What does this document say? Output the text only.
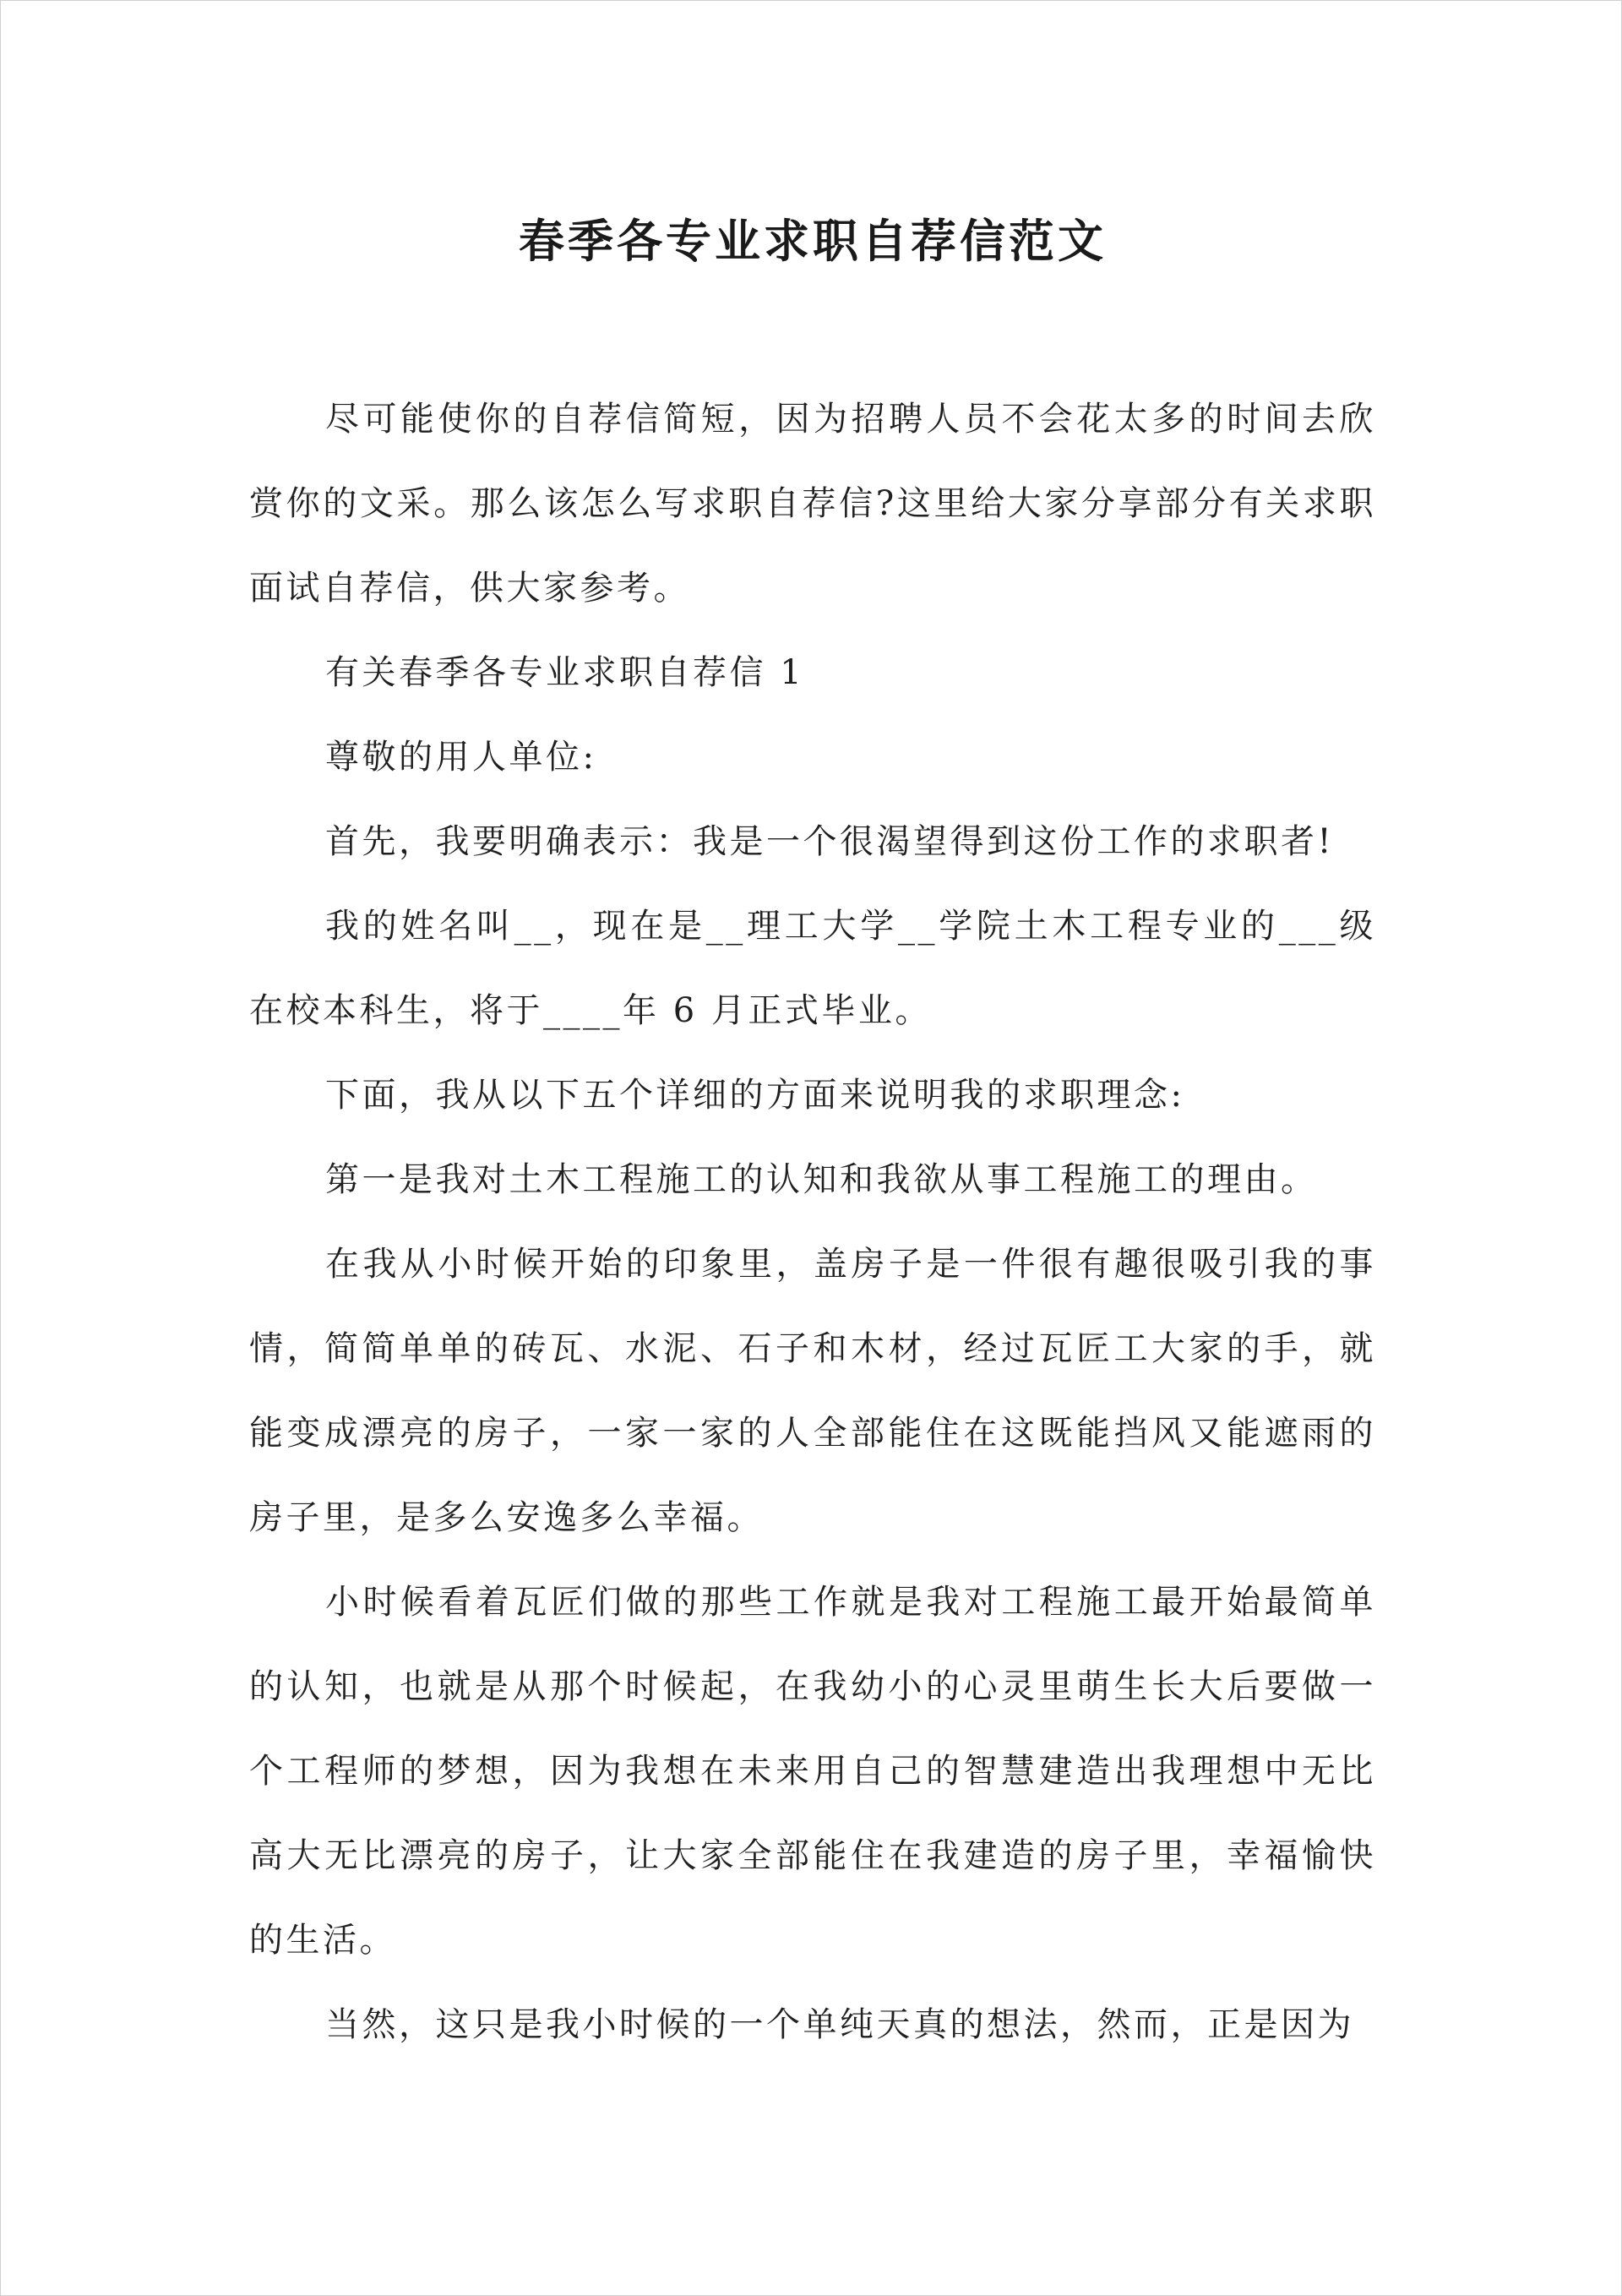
春季各专业求职自荐信范文

尽可能使你的自荐信简短，因为招聘人员不会花太多的时间去欣赏你的文采。那么该怎么写求职自荐信?这里给大家分享部分有关求职面试自荐信，供大家参考。

有关春季各专业求职自荐信 1

尊敬的用人单位:

首先，我要明确表示：我是一个很渴望得到这份工作的求职者!

我的姓名叫__，现在是__理工大学__学院土木工程专业的___级在校本科生，将于____年 6 月正式毕业。

下面，我从以下五个详细的方面来说明我的求职理念:

第一是我对土木工程施工的认知和我欲从事工程施工的理由。

在我从小时候开始的印象里，盖房子是一件很有趣很吸引我的事情，简简单单的砖瓦、水泥、石子和木材，经过瓦匠工大家的手，就能变成漂亮的房子，一家一家的人全部能住在这既能挡风又能遮雨的房子里，是多么安逸多么幸福。

小时候看着瓦匠们做的那些工作就是我对工程施工最开始最简单的认知，也就是从那个时候起，在我幼小的心灵里萌生长大后要做一个工程师的梦想，因为我想在未来用自己的智慧建造出我理想中无比高大无比漂亮的房子，让大家全部能住在我建造的房子里，幸福愉快的生活。

当然，这只是我小时候的一个单纯天真的想法，然而，正是因为
